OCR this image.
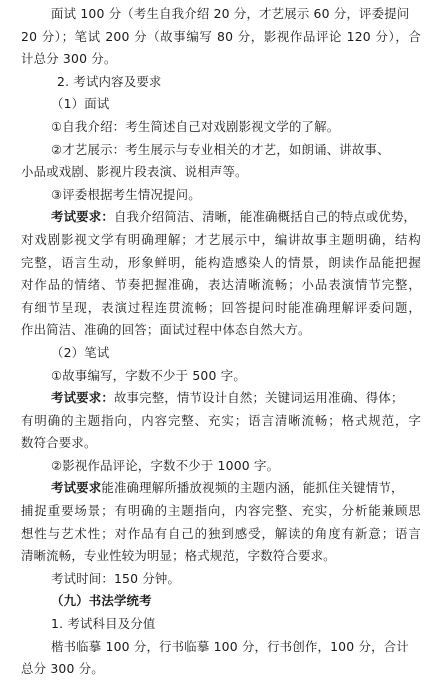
面试 100 分（考生自我介绍 20 分，才艺展示 60 分，评委提问
20 分）；笔试 200 分（故事编写 80 分，影视作品评论 120 分），合
计总分 300 分。
2. 考试内容及要求
（1）面试
①自我介绍：考生简述自己对戏剧影视文学的了解。
②才艺展示：考生展示与专业相关的才艺，如朗诵、讲故事、
小品或戏剧、影视片段表演、说相声等。
③评委根据考生情况提问。
考试要求：自我介绍简洁、清晰，能准确概括自己的特点或优势，
对戏剧影视文学有明确理解；才艺展示中，编讲故事主题明确，结构
完整，语言生动，形象鲜明，能构造感染人的情景，朗读作品能把握
对作品的情绪、节奏把握准确，表达清晰流畅；小品表演情节完整，
有细节呈现，表演过程连贯流畅；回答提问时能准确理解评委问题，
作出简洁、准确的回答；面试过程中体态自然大方。
（2）笔试
①故事编写，字数不少于 500 字。
考试要求：故事完整，情节设计自然；关键词运用准确、得体；
有明确的主题指向，内容完整、充实；语言清晰流畅；格式规范，字
数符合要求。
②影视作品评论，字数不少于 1000 字。
考试要求能准确理解所播放视频的主题内涵，能抓住关键情节，
捕捉重要场景；有明确的主题指向，内容完整、充实，分析能兼顾思
想性与艺术性；对作品有自己的独到感受，解读的角度有新意；语言
清晰流畅，专业性较为明显；格式规范，字数符合要求。
考试时间：150 分钟。
（九）书法学统考
1. 考试科目及分值
楷书临摹 100 分，行书临摹 100 分，行书创作，100 分，合计
总分 300 分。
